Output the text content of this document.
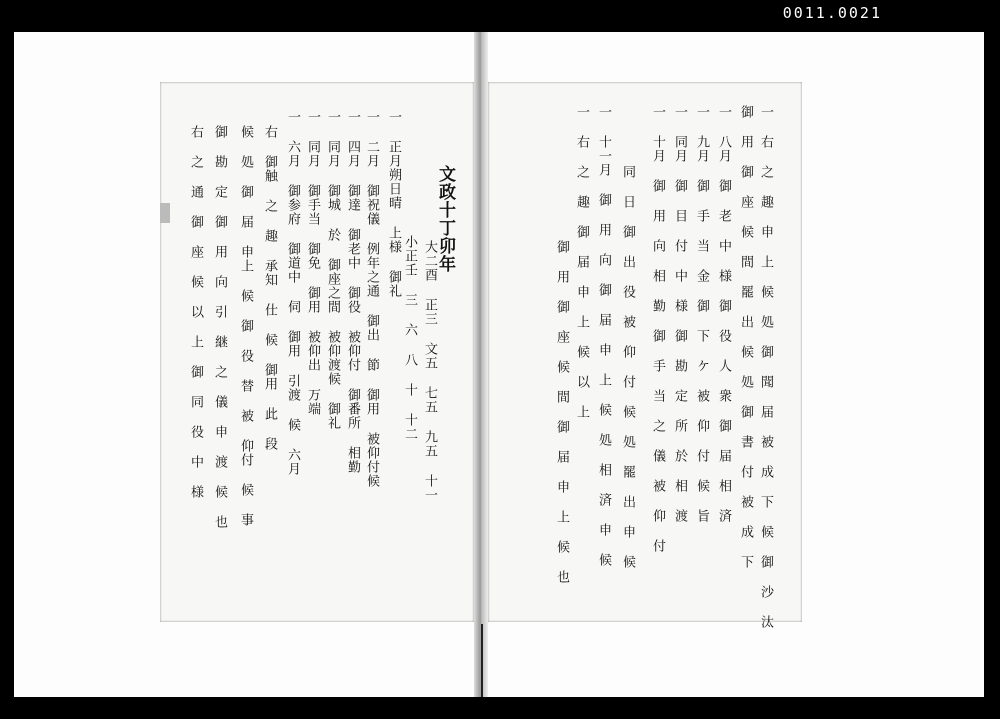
0011.0021
文政十丁卯年
大二酉 正三 文五 七五 九五 十一
小正壬 三 六 八 十 十二
一 正月朔日晴 上様 御礼
一 二月 御祝儀 例年之通 御出 節 御用 被仰付候
一 四月 御達 御老中 御役 被仰付 御番所 相勤
一 同月 御城 於 御座之間 被仰渡候 御礼
一 同月 御手当 御免 御用 被仰出 万端
一 六月 御参府 御道中 伺 御用 引渡 候 六月
右 御触 之 趣 承知 仕 候 御用 此 段
候 処 御 届 申上 候 御 役 替 被 仰付 候 事
御 勘 定 御 用 向 引 継 之 儀 申 渡 候 也
右 之 通 御 座 候 以 上 御 同 役 中 様	一 右 之 趣 申 上 候 処 御 聞 届 被 成 下 候 御 沙 汰
御 用 御 座 候 間 罷 出 候 処 御 書 付 被 成 下
一 八月 御 老 中 様 御 役 人 衆 御 届 相 済
一 九月 御 手 当 金 御 下 ケ 被 仰 付 候 旨
一 同月 御 目 付 中 様 御 勘 定 所 於 相 渡
一 十月 御 用 向 相 勤 御 手 当 之 儀 被 仰 付
同 日 御 出 役 被 仰 付 候 処 罷 出 申 候
一 十一月 御 用 向 御 届 申 上 候 処 相 済 申 候
一 右 之 趣 御 届 申 上 候 以 上
御 用 御 座 候 間 御 届 申 上 候 也
